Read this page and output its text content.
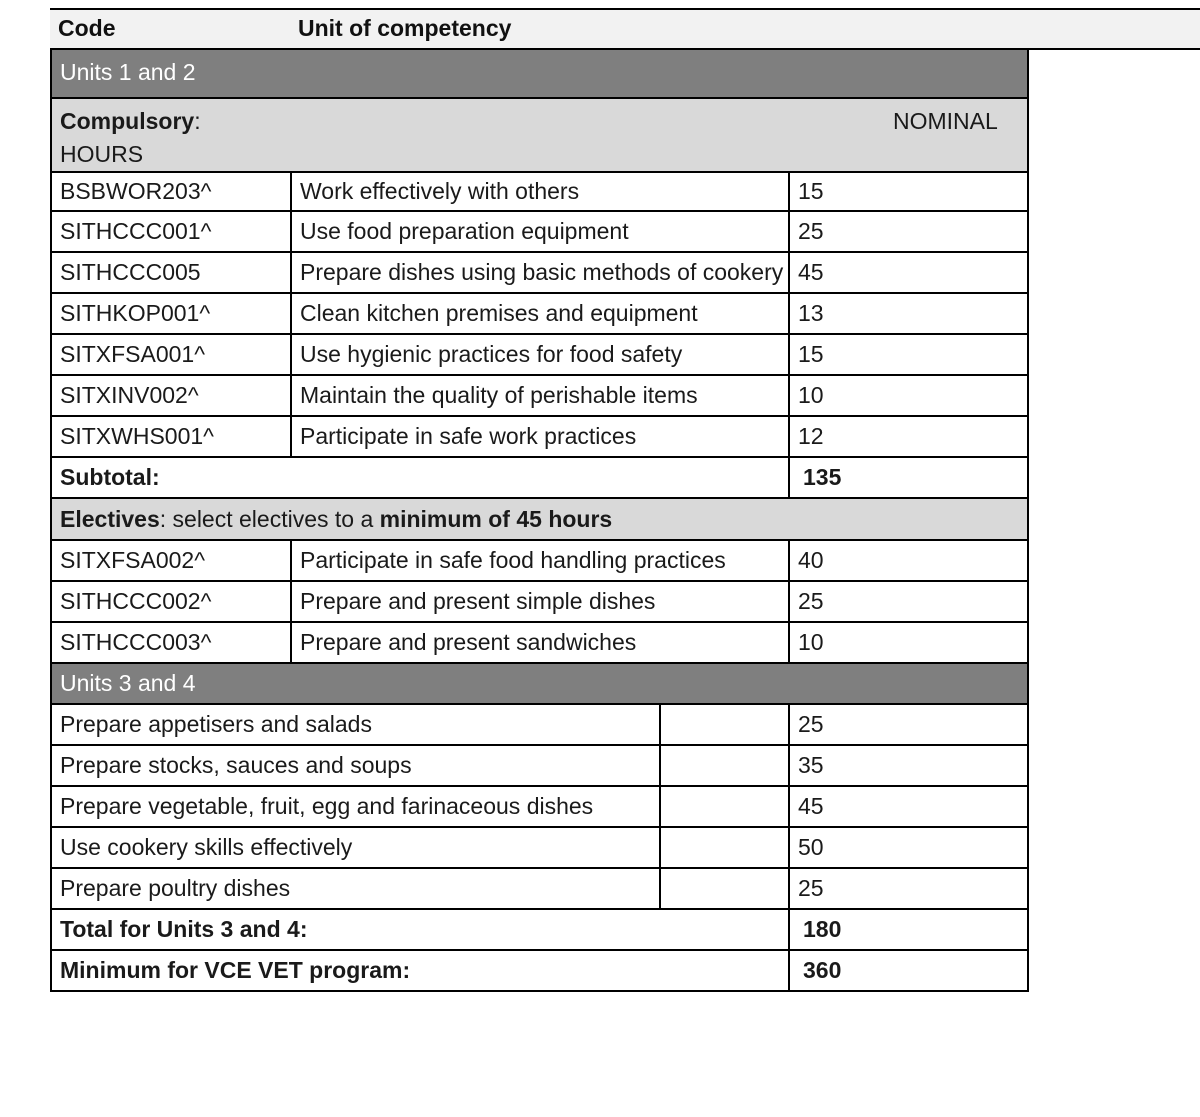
Code	Unit of competency
Units 1 and 2
Compulsory:
HOURS
NOMINAL
BSBWOR203^	Work effectively with others	15
SITHCCC001^	Use food preparation equipment	25
SITHCCC005	Prepare dishes using basic methods of cookery 45
SITHKOP001^	Clean kitchen premises and equipment	13
SITXFSA001^	Use hygienic practices for food safety	15
SITXINV002^	Maintain the quality of perishable items	10
SITXWHS001^	Participate in safe work practices	12
Subtotal:	135
Electives : select electives to a minimum of 45 hours
SITXFSA002^	Participate in safe food handling practices	40
SITHCCC002^	Prepare and present simple dishes	25
SITHCCC003^	Prepare and present sandwiches	10
Units 3 and 4
Prepare appetisers and salads	25
Prepare stocks, sauces and soups	35
Prepare vegetable, fruit, egg and farinaceous dishes	45
Use cookery skills effectively	50
Prepare poultry dishes	25
Total for Units 3 and 4:	180
Minimum for VCE VET program:	360
